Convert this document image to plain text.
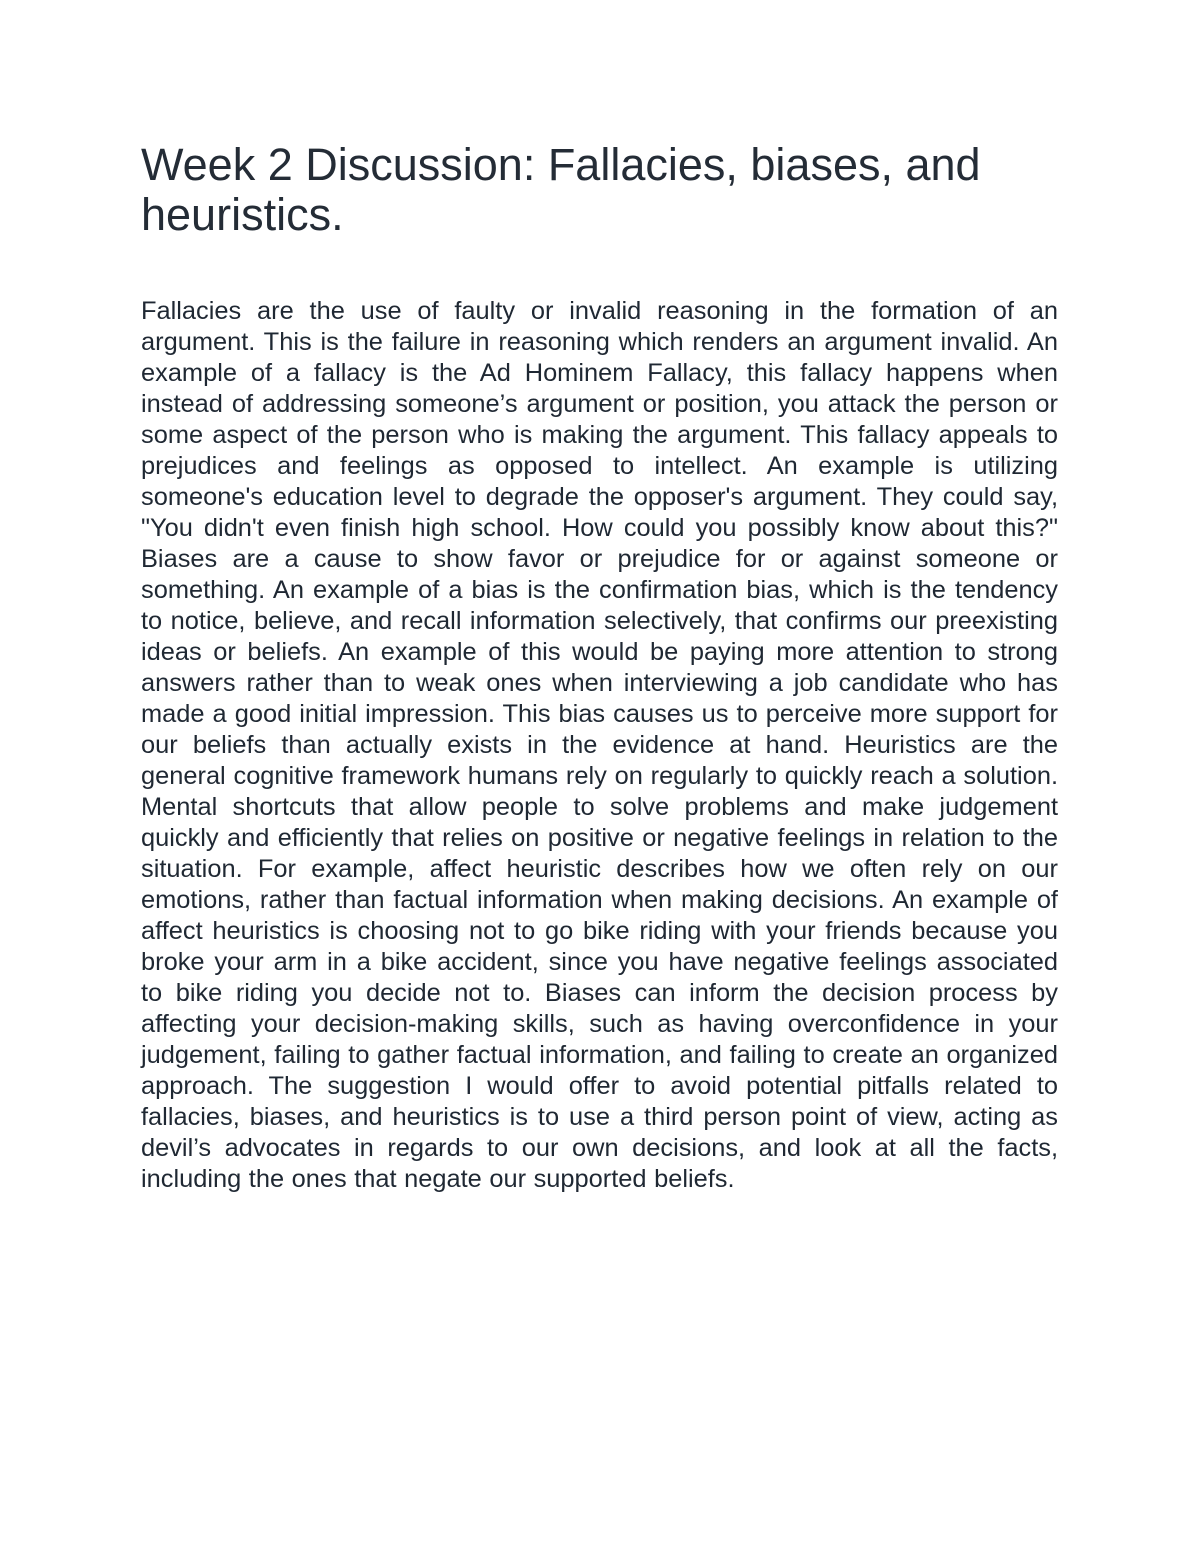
Week 2 Discussion: Fallacies, biases, and heuristics.

Fallacies are the use of faulty or invalid reasoning in the formation of an argument. This is the failure in reasoning which renders an argument invalid. An example of a fallacy is the Ad Hominem Fallacy, this fallacy happens when instead of addressing someone’s argument or position, you attack the person or some aspect of the person who is making the argument. This fallacy appeals to prejudices and feelings as opposed to intellect. An example is utilizing someone's education level to degrade the opposer's argument. They could say, "You didn't even finish high school. How could you possibly know about this?" Biases are a cause to show favor or prejudice for or against someone or something. An example of a bias is the confirmation bias, which is the tendency to notice, believe, and recall information selectively, that confirms our preexisting ideas or beliefs. An example of this would be paying more attention to strong answers rather than to weak ones when interviewing a job candidate who has made a good initial impression. This bias causes us to perceive more support for our beliefs than actually exists in the evidence at hand. Heuristics are the general cognitive framework humans rely on regularly to quickly reach a solution. Mental shortcuts that allow people to solve problems and make judgement quickly and efficiently that relies on positive or negative feelings in relation to the situation. For example, affect heuristic describes how we often rely on our emotions, rather than factual information when making decisions. An example of affect heuristics is choosing not to go bike riding with your friends because you broke your arm in a bike accident, since you have negative feelings associated to bike riding you decide not to. Biases can inform the decision process by affecting your decision-making skills, such as having overconfidence in your judgement, failing to gather factual information, and failing to create an organized approach. The suggestion I would offer to avoid potential pitfalls related to fallacies, biases, and heuristics is to use a third person point of view, acting as devil’s advocates in regards to our own decisions, and look at all the facts, including the ones that negate our supported beliefs.
